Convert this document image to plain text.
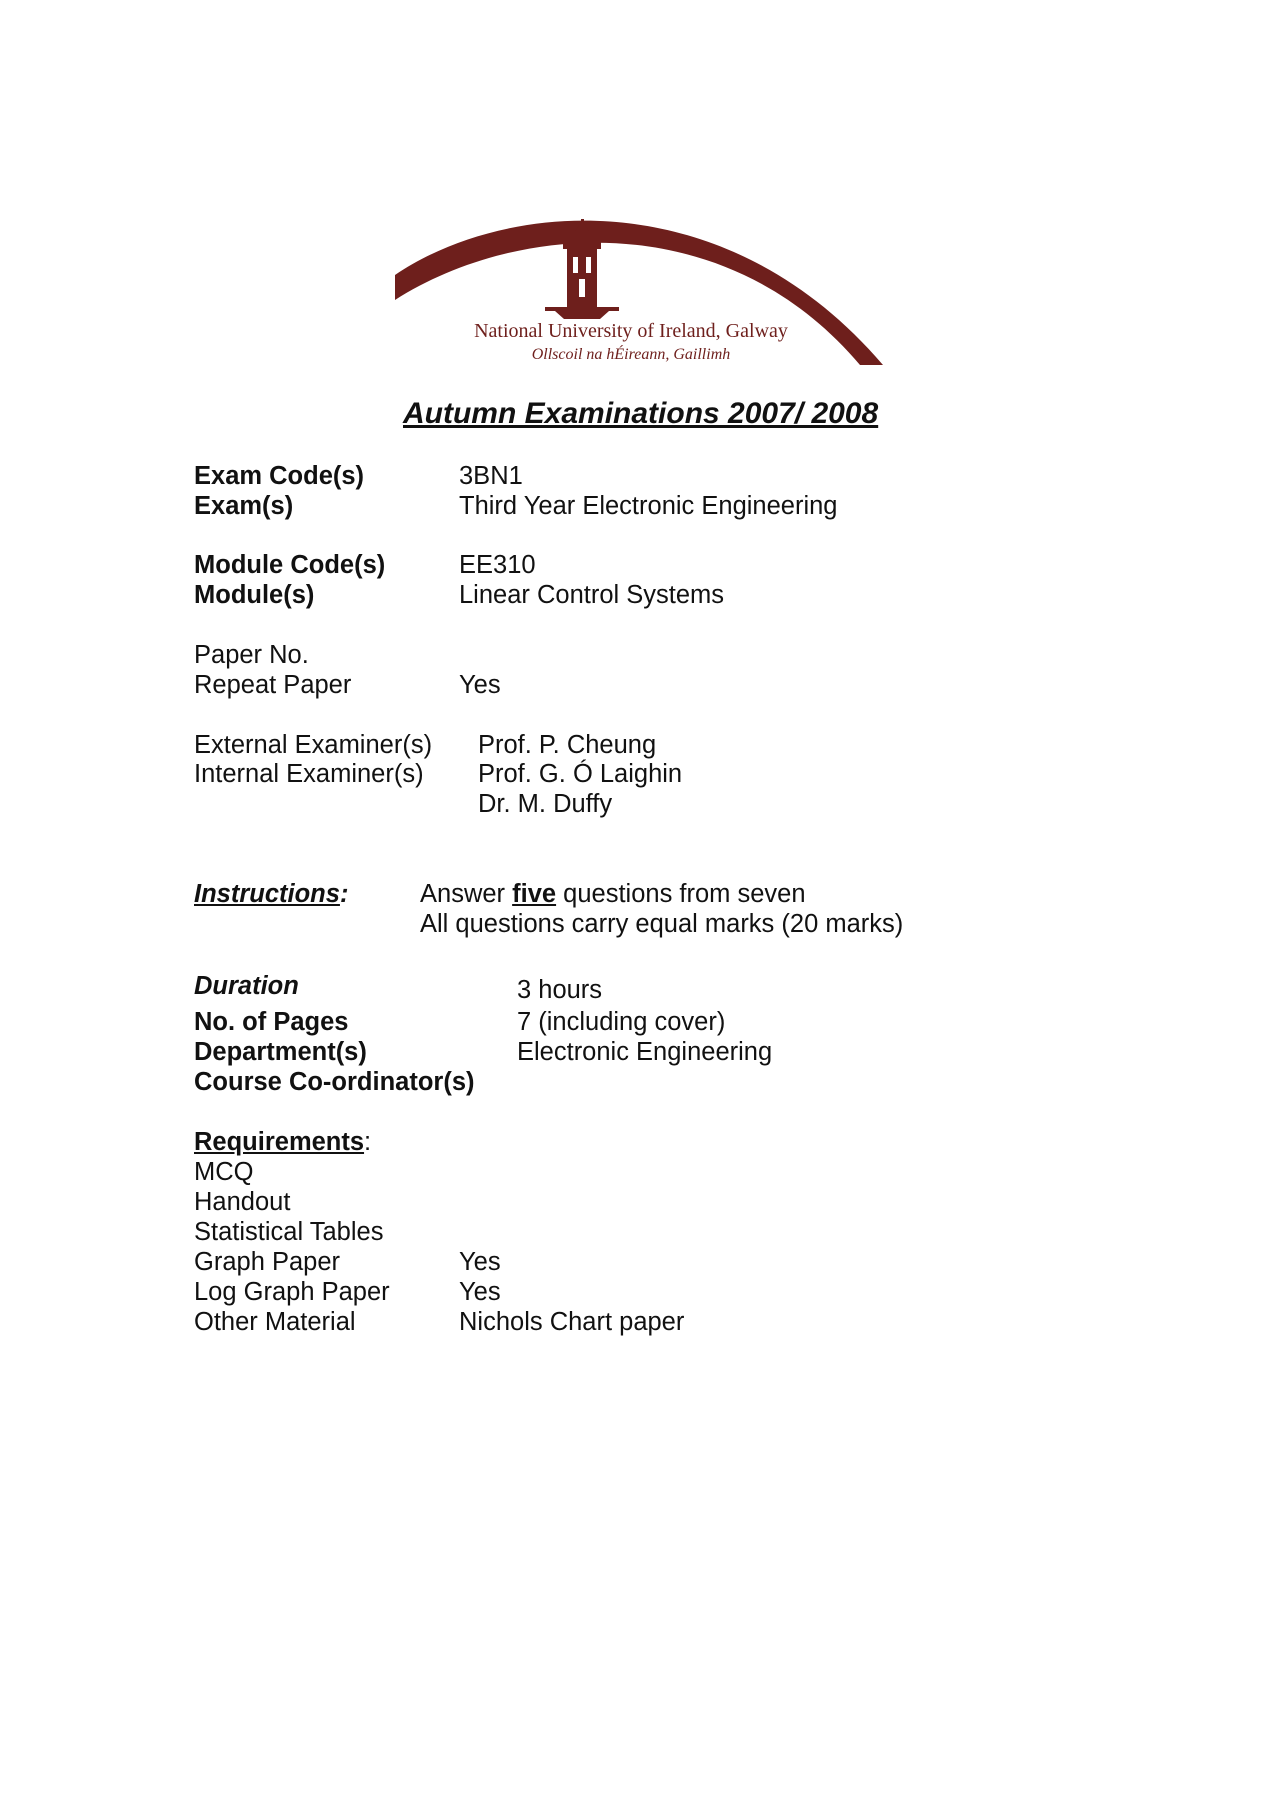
National University of Ireland, Galway
Ollscoil na hÉireann, Gaillimh
Autumn Examinations 2007/ 2008
Exam Code(s)	3BN1
Exam(s)	Third Year Electronic Engineering
Module Code(s)	EE310
Module(s)	Linear Control Systems
Paper No.
Repeat Paper	Yes
External Examiner(s) Prof. P. Cheung
Internal Examiner(s) Prof. G. Ó Laighin
Dr. M. Duffy
Instructions:	Answer five questions from seven
All questions carry equal marks (20 marks)
Duration	3 hours
No. of Pages	7 (including cover)
Department(s)	Electronic Engineering
Course Co-ordinator(s)
Requirements:
MCQ
Handout
Statistical Tables
Graph Paper	Yes
Log Graph Paper	Yes
Other Material	Nichols Chart paper
